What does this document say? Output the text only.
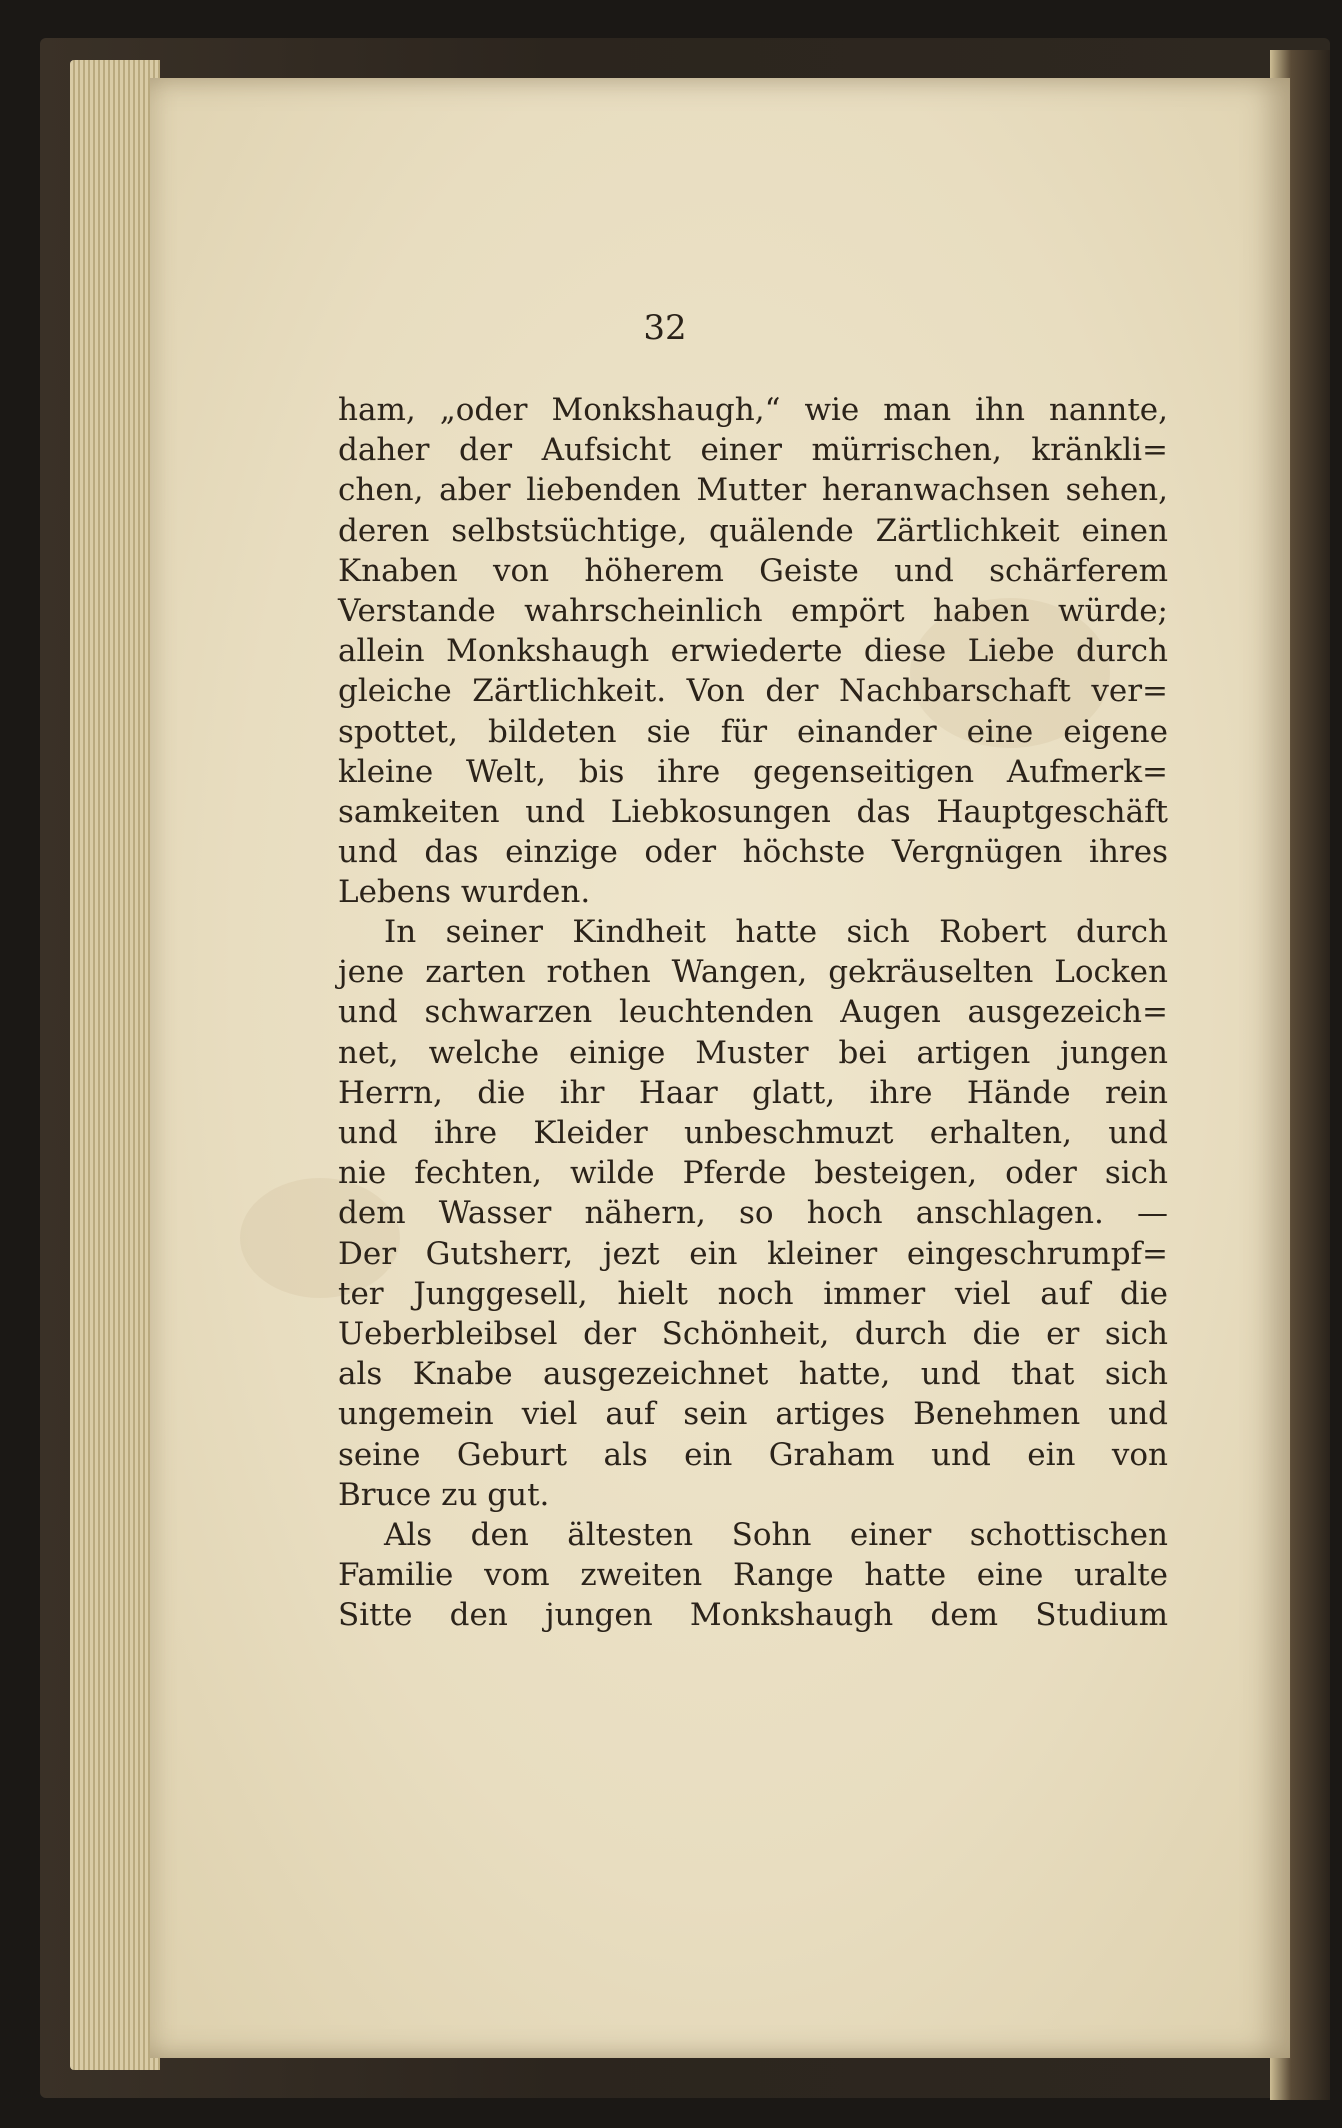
32
ham, „oder Monkshaugh,“ wie man ihn nannte,
daher der Aufsicht einer mürrischen, kränkli=
chen, aber liebenden Mutter heranwachsen sehen,
deren selbstsüchtige, quälende Zärtlichkeit einen
Knaben von höherem Geiste und schärferem
Verstande wahrscheinlich empört haben würde;
allein Monkshaugh erwiederte diese Liebe durch
gleiche Zärtlichkeit. Von der Nachbarschaft ver=
spottet, bildeten sie für einander eine eigene
kleine Welt, bis ihre gegenseitigen Aufmerk=
samkeiten und Liebkosungen das Hauptgeschäft
und das einzige oder höchste Vergnügen ihres
Lebens wurden.
In seiner Kindheit hatte sich Robert durch
jene zarten rothen Wangen, gekräuselten Locken
und schwarzen leuchtenden Augen ausgezeich=
net, welche einige Muster bei artigen jungen
Herrn, die ihr Haar glatt, ihre Hände rein
und ihre Kleider unbeschmuzt erhalten, und
nie fechten, wilde Pferde besteigen, oder sich
dem Wasser nähern, so hoch anschlagen. —
Der Gutsherr, jezt ein kleiner eingeschrumpf=
ter Junggesell, hielt noch immer viel auf die
Ueberbleibsel der Schönheit, durch die er sich
als Knabe ausgezeichnet hatte, und that sich
ungemein viel auf sein artiges Benehmen und
seine Geburt als ein Graham und ein von
Bruce zu gut.
Als den ältesten Sohn einer schottischen
Familie vom zweiten Range hatte eine uralte
Sitte den jungen Monkshaugh dem Studium
